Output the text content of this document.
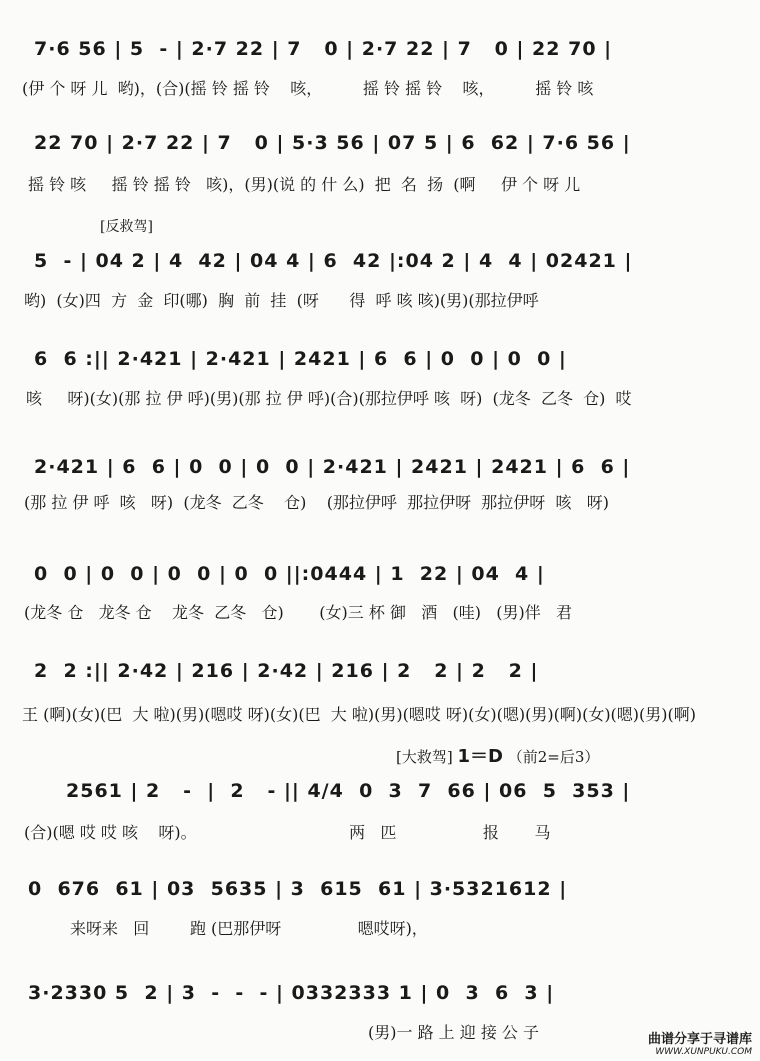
7·6 56 | 5  - | 2·7 22 | 7   0 | 2·7 22 | 7   0 | 22 70 |
(伊 个 呀 儿  哟)，(合)(摇 铃 摇 铃    咳，        摇 铃 摇 铃    咳，        摇 铃 咳
22 70 | 2·7 22 | 7   0 | 5·3 56 | 07 5 | 6  62 | 7·6 56 |
摇 铃 咳     摇 铃 摇 铃   咳)，(男)(说 的 什 么)  把  名  扬  (啊     伊 个 呀 儿
[反救驾]
5  - | 04 2 | 4  42 | 04 4 | 6  42 |:04 2 | 4  4 | 02421 |
哟)  (女)四  方  金  印(哪)  胸  前  挂  (呀      得  呼 咳 咳)(男)(那拉伊呼
6  6 :|| 2·421 | 2·421 | 2421 | 6  6 | 0  0 | 0  0 |
咳     呀)(女)(那 拉 伊 呼)(男)(那 拉 伊 呼)(合)(那拉伊呼 咳  呀)  (龙冬  乙冬  仓)  哎
2·421 | 6  6 | 0  0 | 0  0 | 2·421 | 2421 | 2421 | 6  6 |
(那 拉 伊 呼  咳   呀)  (龙冬  乙冬    仓)    (那拉伊呼  那拉伊呀  那拉伊呀  咳   呀)
0  0 | 0  0 | 0  0 | 0  0 ||:0444 | 1  22 | 04  4 |
(龙冬 仓   龙冬 仓    龙冬  乙冬   仓)       (女)三 杯 御   酒   (哇)   (男)伴   君
2  2 :|| 2·42 | 216 | 2·42 | 216 | 2   2 | 2   2 |
王 (啊)(女)(巴  大 啦)(男)(嗯哎 呀)(女)(巴  大 啦)(男)(嗯哎 呀)(女)(嗯)(男)(啊)(女)(嗯)(男)(啊)
[大救驾] 1＝D （前2=后3）
2561 | 2   -  |  2   - || 4/4  0  3  7  66 | 06  5  353 |
(合)(嗯 哎 哎 咳    呀)。                              两   匹                 报       马
0  676  61 | 03  5635 | 3  615  61 | 3·5321612 |
来呀来   回        跑 (巴那伊呀               嗯哎呀)，
3·2330 5  2 | 3  -  -  - | 0332333 1 | 0  3  6  3 |
(男)一 路 上 迎 接 公 子	曲谱分享于寻谱库
WWW.XUNPUKU.COM
